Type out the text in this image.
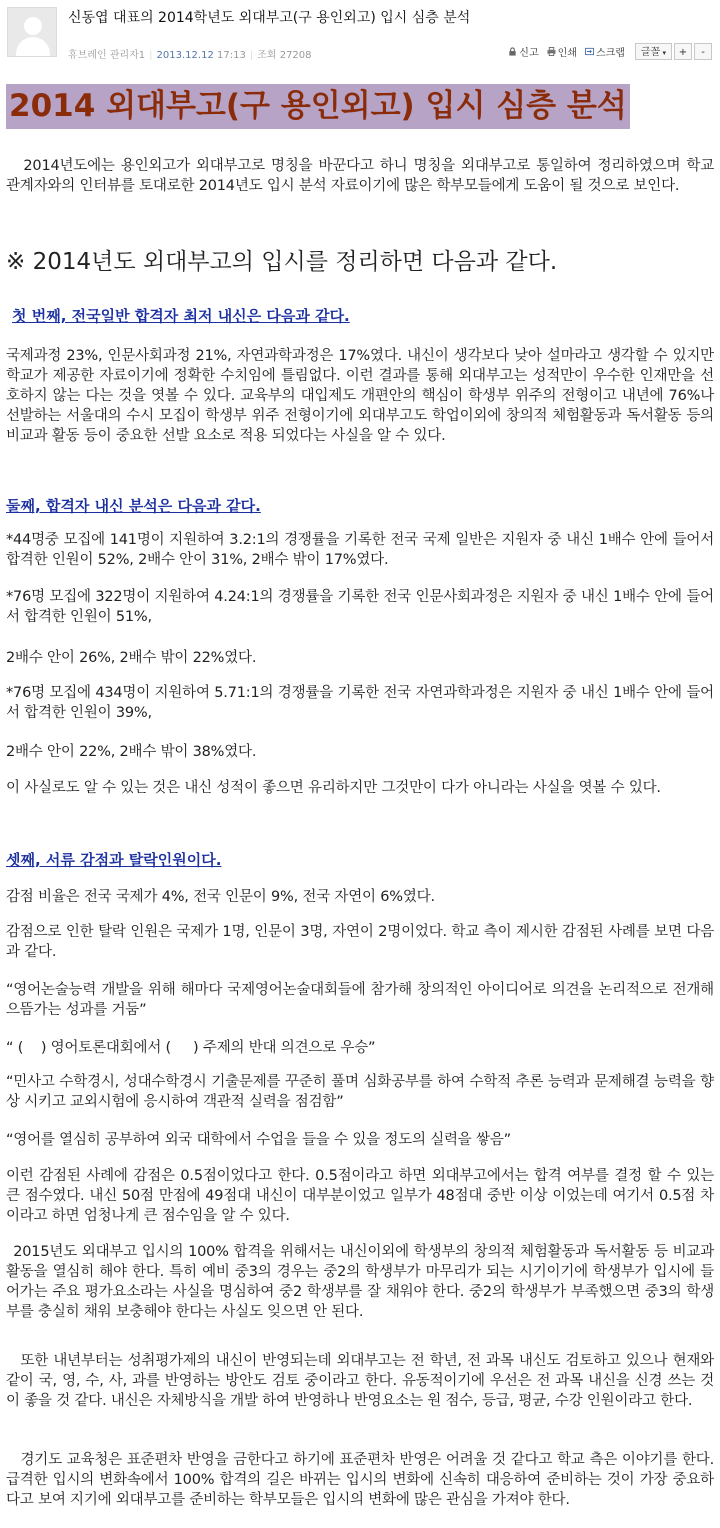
신동엽 대표의 2014학년도 외대부고(구 용인외고) 입시 심층 분석
휴브레인 관리자1 | 2013.12.12 17:13 | 조회 27208	신고 인쇄 스크랩	글꼴 ▾	+	-
2014 외대부고(구 용인외고) 입시 심층 분석

2014년도에는 용인외고가 외대부고로 명칭을 바꾼다고 하니 명칭을 외대부고로 통일하여 정리하였으며 학교 관계자와의 인터뷰를 토대로한 2014년도 입시 분석 자료이기에 많은 학부모들에게 도움이 될 것으로 보인다.

※ 2014년도 외대부고의 입시를 정리하면 다음과 같다.
첫 번째, 전국일반 합격자 최저 내신은 다음과 같다.

국제과정 23%, 인문사회과정 21%, 자연과학과정은 17%였다. 내신이 생각보다 낮아 설마라고 생각할 수 있지만 학교가 제공한 자료이기에 정확한 수치임에 틀림없다. 이런 결과를 통해 외대부고는 성적만이 우수한 인재만을 선호하지 않는 다는 것을 엿볼 수 있다. 교육부의 대입제도 개편안의 핵심이 학생부 위주의 전형이고 내년에 76%나 선발하는 서울대의 수시 모집이 학생부 위주 전형이기에 외대부고도 학업이외에 창의적 체험활동과 독서활동 등의 비교과 활동 등이 중요한 선발 요소로 적용 되었다는 사실을 알 수 있다.

둘째, 합격자 내신 분석은 다음과 같다.

*44명중 모집에 141명이 지원하여 3.2:1의 경쟁률을 기록한 전국 국제 일반은 지원자 중 내신 1배수 안에 들어서 합격한 인원이 52%, 2배수 안이 31%, 2배수 밖이 17%였다.

*76명 모집에 322명이 지원하여 4.24:1의 경쟁률을 기록한 전국 인문사회과정은 지원자 중 내신 1배수 안에 들어서 합격한 인원이 51%,

2배수 안이 26%, 2배수 밖이 22%였다.

*76명 모집에 434명이 지원하여 5.71:1의 경쟁률을 기록한 전국 자연과학과정은 지원자 중 내신 1배수 안에 들어서 합격한 인원이 39%,

2배수 안이 22%, 2배수 밖이 38%였다.

이 사실로도 알 수 있는 것은 내신 성적이 좋으면 유리하지만 그것만이 다가 아니라는 사실을 엿볼 수 있다.

셋째, 서류 감점과 탈락인원이다.

감점 비율은 전국 국제가 4%, 전국 인문이 9%, 전국 자연이 6%였다.

감점으로 인한 탈락 인원은 국제가 1명, 인문이 3명, 자연이 2명이었다. 학교 측이 제시한 감점된 사례를 보면 다음과 같다.

“영어논술능력 개발을 위해 해마다 국제영어논술대회들에 참가해 창의적인 아이디어로 의견을 논리적으로 전개해 으뜸가는 성과를 거둠”

“ (    ) 영어토론대회에서 (     ) 주제의 반대 의견으로 우승”

“민사고 수학경시, 성대수학경시 기출문제를 꾸준히 풀며 심화공부를 하여 수학적 추론 능력과 문제해결 능력을 향상 시키고 교외시험에 응시하여 객관적 실력을 점검함”

“영어를 열심히 공부하여 외국 대학에서 수업을 들을 수 있을 정도의 실력을 쌓음”

이런 감점된 사례에 감점은 0.5점이었다고 한다. 0.5점이라고 하면 외대부고에서는 합격 여부를 결정 할 수 있는 큰 점수였다. 내신 50점 만점에 49점대 내신이 대부분이었고 일부가 48점대 중반 이상 이었는데 여기서 0.5점 차이라고 하면 엄청나게 큰 점수임을 알 수 있다.

2015년도 외대부고 입시의 100% 합격을 위해서는 내신이외에 학생부의 창의적 체험활동과 독서활동 등 비교과 활동을 열심히 해야 한다. 특히 예비 중3의 경우는 중2의 학생부가 마무리가 되는 시기이기에 학생부가 입시에 들어가는 주요 평가요소라는 사실을 명심하여 중2 학생부를 잘 채워야 한다. 중2의 학생부가 부족했으면 중3의 학생부를 충실히 채워 보충해야 한다는 사실도 잊으면 안 된다.

또한 내년부터는 성취평가제의 내신이 반영되는데 외대부고는 전 학년, 전 과목 내신도 검토하고 있으나 현재와 같이 국, 영, 수, 사, 과를 반영하는 방안도 검토 중이라고 한다. 유동적이기에 우선은 전 과목 내신을 신경 쓰는 것이 좋을 것 같다. 내신은 자체방식을 개발 하여 반영하나 반영요소는 원 점수, 등급, 평균, 수강 인원이라고 한다.

경기도 교육청은 표준편차 반영을 금한다고 하기에 표준편차 반영은 어려울 것 같다고 학교 측은 이야기를 한다. 급격한 입시의 변화속에서 100% 합격의 길은 바뀌는 입시의 변화에 신속히 대응하여 준비하는 것이 가장 중요하다고 보여 지기에 외대부고를 준비하는 학부모들은 입시의 변화에 많은 관심을 가져야 한다.
